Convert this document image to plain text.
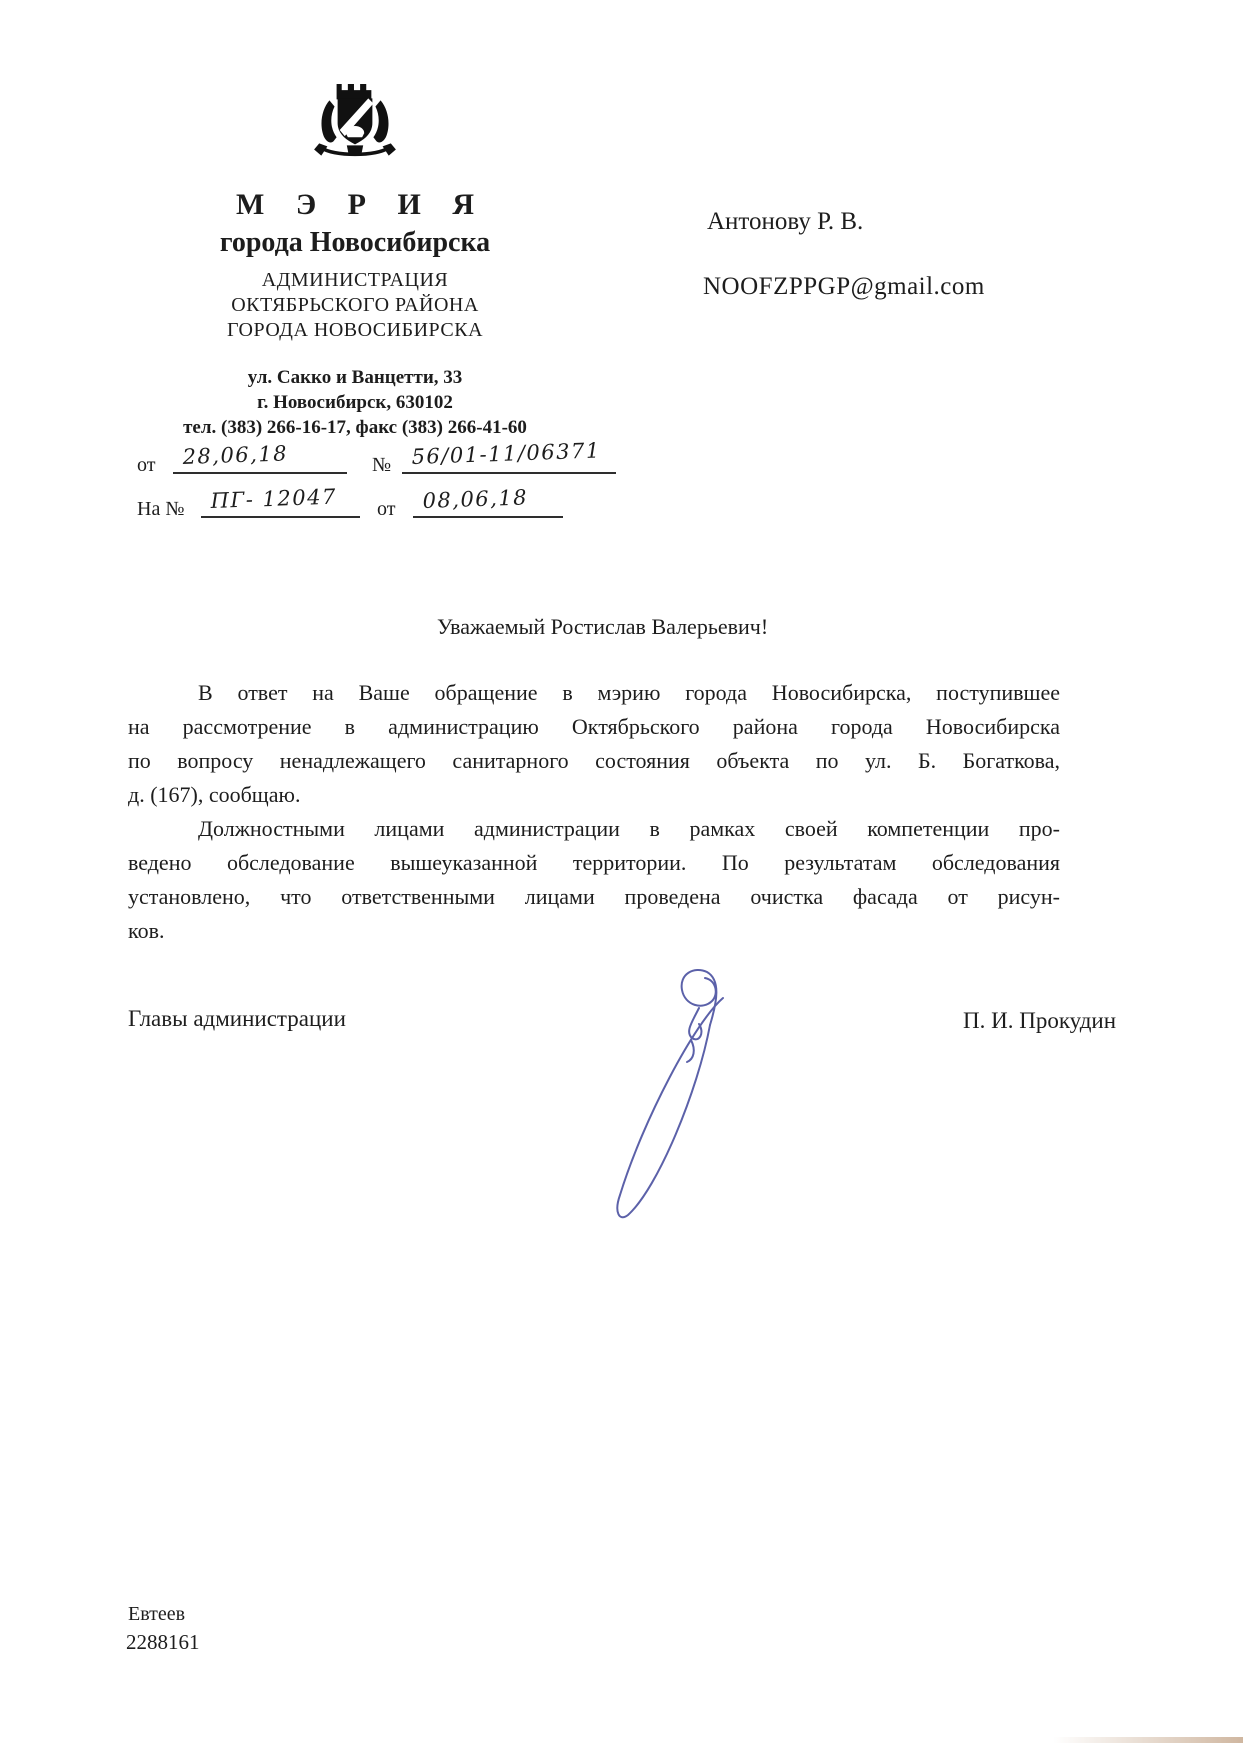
М Э Р И Я
города Новосибирска
АДМИНИСТРАЦИЯ
ОКТЯБРЬСКОГО РАЙОНА
ГОРОДА НОВОСИБИРСКА
ул. Сакко и Ванцетти, 33
г. Новосибирск, 630102
тел. (383) 266-16-17, факс (383) 266-41-60
от 28,06,18	№ 56/01-11/06371
На № ПГ- 12047 от 08,06,18
Антонову Р. В.
NOOFZPPGP@gmail.com
Уважаемый Ростислав Валерьевич!
В ответ на Ваше обращение в мэрию города Новосибирска, поступившее
на рассмотрение в администрацию Октябрьского района города Новосибирска
по вопросу ненадлежащего санитарного состояния объекта по ул. Б. Богаткова,
д. (167), сообщаю.
Должностными лицами администрации в рамках своей компетенции про-
ведено обследование вышеуказанной территории. По результатам обследования
установлено, что ответственными лицами проведена очистка фасада от рисун-
ков.
Главы администрации	П. И. Прокудин
Евтеев
2288161
